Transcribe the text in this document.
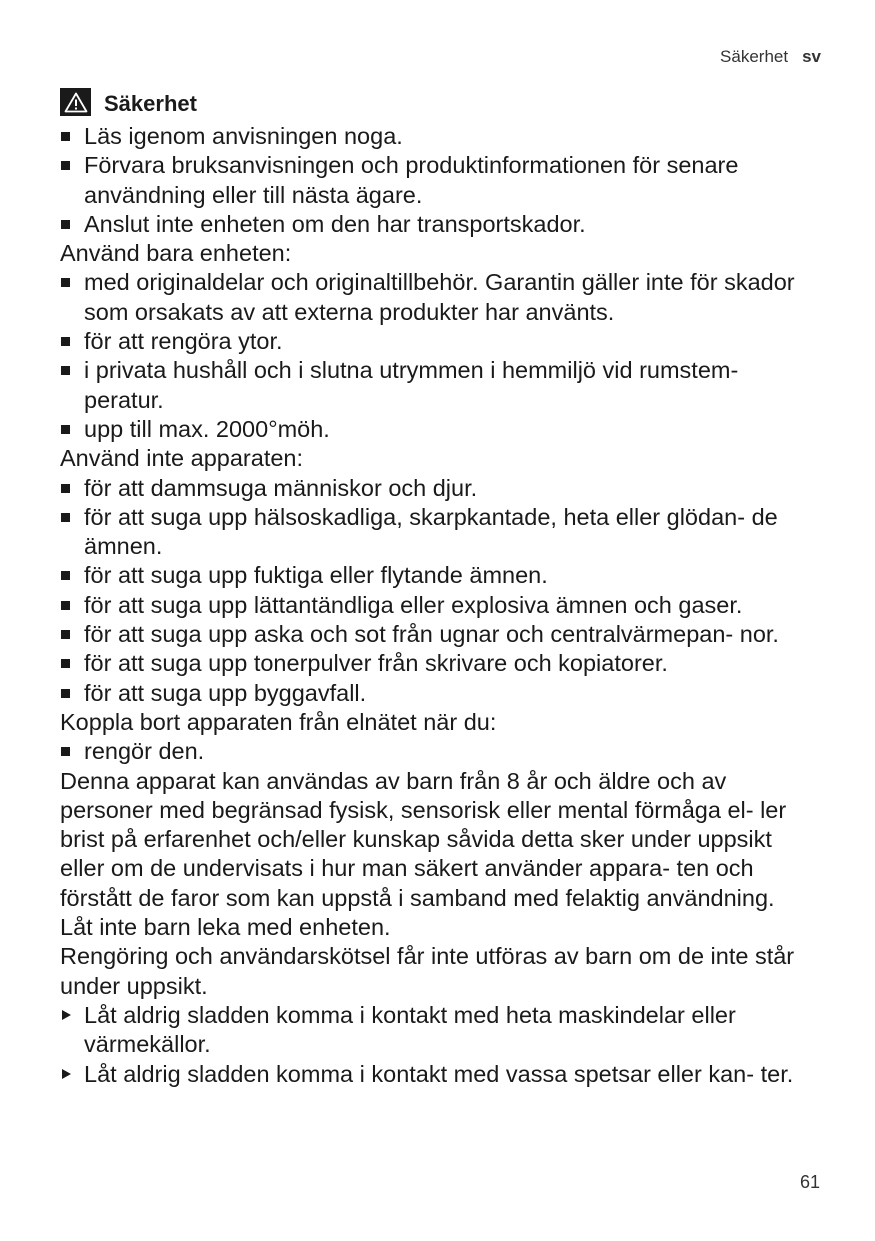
Säkerhet sv
Säkerhet
Läs igenom anvisningen noga.
Förvara bruksanvisningen och produktinformationen för senare användning eller till nästa ägare.
Anslut inte enheten om den har transportskador.
Använd bara enheten:
med originaldelar och originaltillbehör. Garantin gäller inte för skador som orsakats av att externa produkter har använts.
för att rengöra ytor.
i privata hushåll och i slutna utrymmen i hemmiljö vid rumstem- peratur.
upp till max. 2000°möh.
Använd inte apparaten:
för att dammsuga människor och djur.
för att suga upp hälsoskadliga, skarpkantade, heta eller glödan- de ämnen.
för att suga upp fuktiga eller flytande ämnen.
för att suga upp lättantändliga eller explosiva ämnen och gaser.
för att suga upp aska och sot från ugnar och centralvärmepan- nor.
för att suga upp tonerpulver från skrivare och kopiatorer.
för att suga upp byggavfall.
Koppla bort apparaten från elnätet när du:
rengör den.
Denna apparat kan användas av barn från 8 år och äldre och av personer med begränsad fysisk, sensorisk eller mental förmåga el- ler brist på erfarenhet och/eller kunskap såvida detta sker under uppsikt eller om de undervisats i hur man säkert använder appara- ten och förstått de faror som kan uppstå i samband med felaktig användning.
Låt inte barn leka med enheten.
Rengöring och användarskötsel får inte utföras av barn om de inte står under uppsikt.
Låt aldrig sladden komma i kontakt med heta maskindelar eller värmekällor.
Låt aldrig sladden komma i kontakt med vassa spetsar eller kan- ter.
61
